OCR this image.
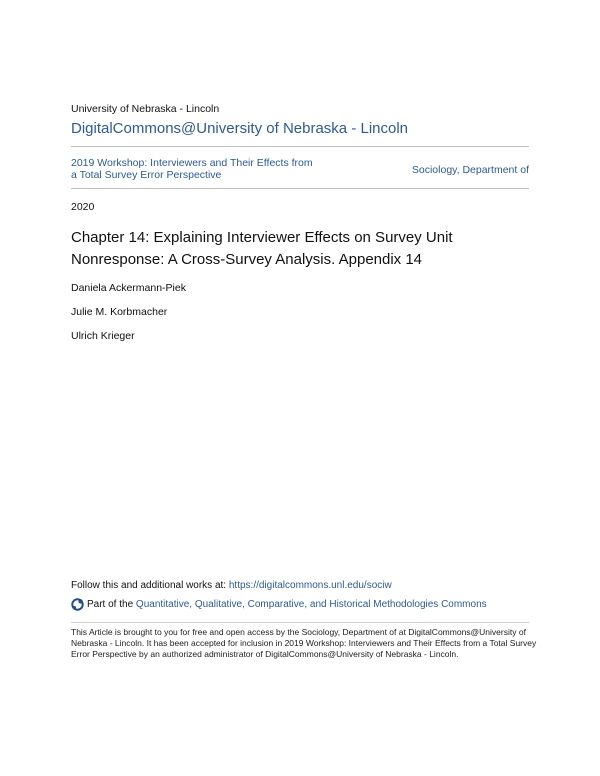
University of Nebraska - Lincoln
DigitalCommons@University of Nebraska - Lincoln
2019 Workshop: Interviewers and Their Effects from a Total Survey Error Perspective	Sociology, Department of
2020
Chapter 14: Explaining Interviewer Effects on Survey Unit Nonresponse: A Cross-Survey Analysis. Appendix 14
Daniela Ackermann-Piek
Julie M. Korbmacher
Ulrich Krieger
Follow this and additional works at: https://digitalcommons.unl.edu/sociw
Part of the
Quantitative, Qualitative, Comparative, and Historical Methodologies Commons
This Article is brought to you for free and open access by the Sociology, Department of at DigitalCommons@University of Nebraska - Lincoln. It has been accepted for inclusion in 2019 Workshop: Interviewers and Their Effects from a Total Survey Error Perspective by an authorized administrator of DigitalCommons@University of Nebraska - Lincoln.
